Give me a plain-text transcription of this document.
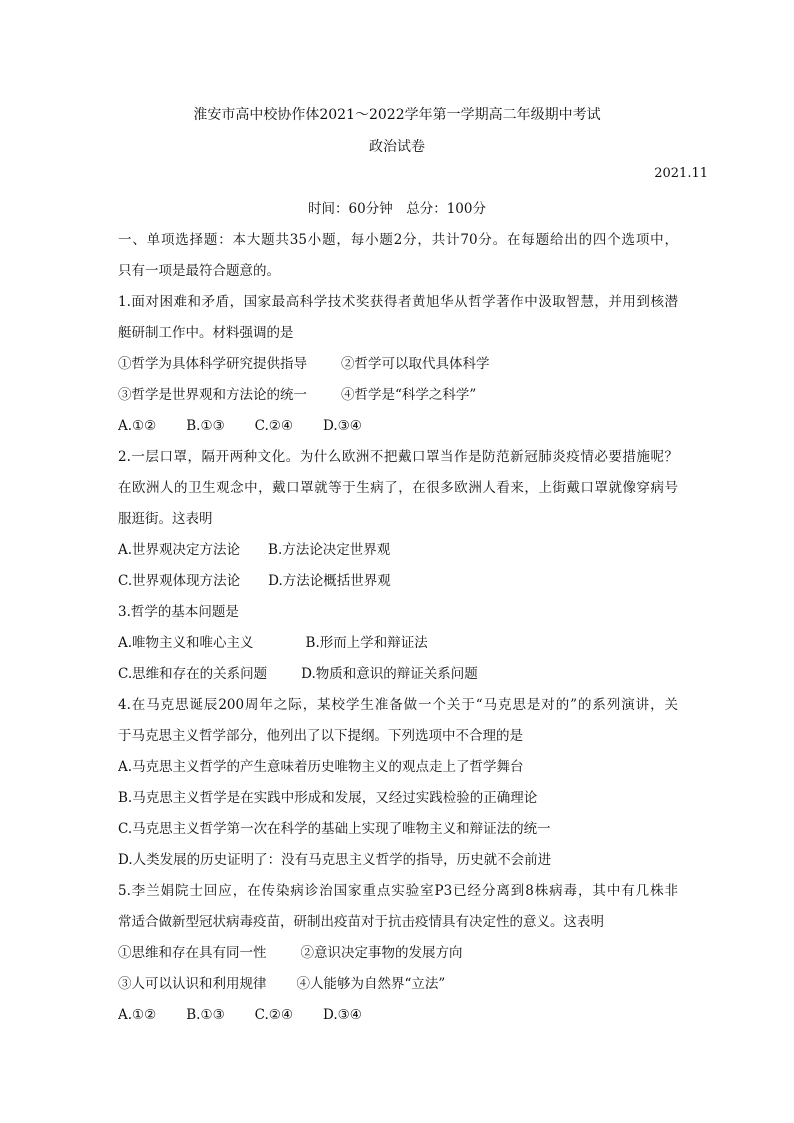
淮安市高中校协作体2021～2022学年第一学期高二年级期中考试
政治试卷
2021.11
时间：60分钟　总分：100分
一、单项选择题：本大题共35小题，每小题2分，共计70分。在每题给出的四个选项中，
只有一项是最符合题意的。
1.面对困难和矛盾，国家最高科学技术奖获得者黄旭华从哲学著作中汲取智慧，并用到核潜
艇研制工作中。材料强调的是
①哲学为具体科学研究提供指导	②哲学可以取代具体科学
③哲学是世界观和方法论的统一	④哲学是“科学之科学”
A.①② B.①③ C.②④ D.③④
2.一层口罩，隔开两种文化。为什么欧洲不把戴口罩当作是防范新冠肺炎疫情必要措施呢？
在欧洲人的卫生观念中，戴口罩就等于生病了，在很多欧洲人看来，上街戴口罩就像穿病号
服逛街。这表明
A.世界观决定方法论 B.方法论决定世界观
C.世界观体现方法论 D.方法论概括世界观
3.哲学的基本问题是
A.唯物主义和唯心主义	B.形而上学和辩证法
C.思维和存在的关系问题	D.物质和意识的辩证关系问题
4.在马克思诞辰200周年之际，某校学生准备做一个关于“马克思是对的”的系列演讲，关
于马克思主义哲学部分，他列出了以下提纲。下列选项中不合理的是
A.马克思主义哲学的产生意味着历史唯物主义的观点走上了哲学舞台
B.马克思主义哲学是在实践中形成和发展，又经过实践检验的正确理论
C.马克思主义哲学第一次在科学的基础上实现了唯物主义和辩证法的统一
D.人类发展的历史证明了：没有马克思主义哲学的指导，历史就不会前进
5.李兰娟院士回应，在传染病诊治国家重点实验室P3已经分离到8株病毒，其中有几株非
常适合做新型冠状病毒疫苗，研制出疫苗对于抗击疫情具有决定性的意义。这表明
①思维和存在具有同一性	②意识决定事物的发展方向
③人可以认识和利用规律 ④人能够为自然界“立法”
A.①② B.①③ C.②④ D.③④
